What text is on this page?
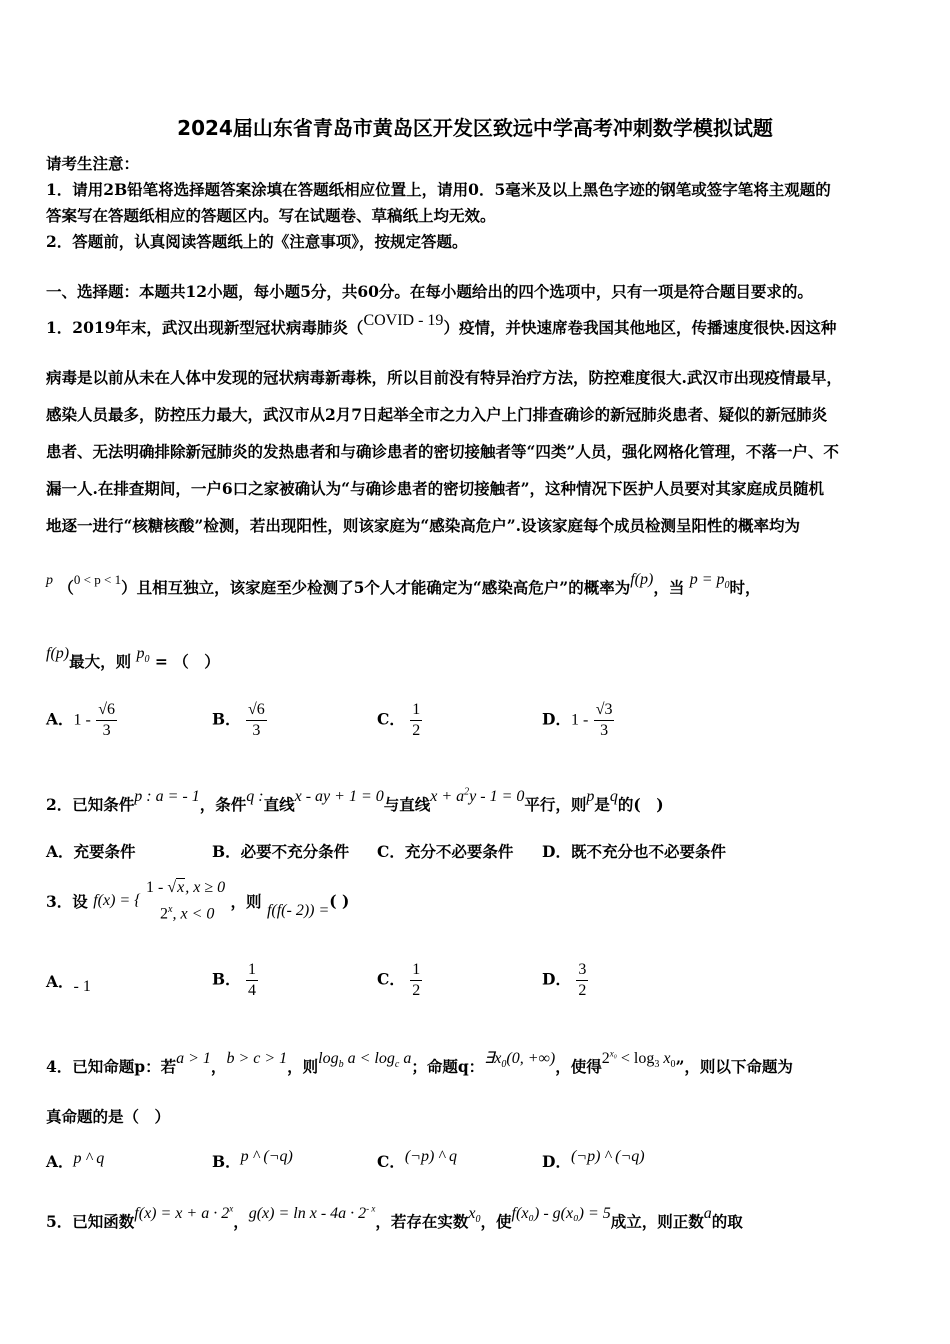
2024届山东省青岛市黄岛区开发区致远中学高考冲刺数学模拟试题
请考生注意：
1．请用2B铅笔将选择题答案涂填在答题纸相应位置上，请用0．5毫米及以上黑色字迹的钢笔或签字笔将主观题的
答案写在答题纸相应的答题区内。写在试题卷、草稿纸上均无效。
2．答题前，认真阅读答题纸上的《注意事项》，按规定答题。
一、选择题：本题共12小题，每小题5分，共60分。在每小题给出的四个选项中，只有一项是符合题目要求的。
1．2019年末，武汉出现新型冠状病毒肺炎（COVID - 19）疫情，并快速席卷我国其他地区，传播速度很快.因这种
病毒是以前从未在人体中发现的冠状病毒新毒株，所以目前没有特异治疗方法，防控难度很大.武汉市出现疫情最早，
感染人员最多，防控压力最大，武汉市从2月7日起举全市之力入户上门排查确诊的新冠肺炎患者、疑似的新冠肺炎
患者、无法明确排除新冠肺炎的发热患者和与确诊患者的密切接触者等“四类”人员，强化网格化管理，不落一户、不
漏一人.在排查期间，一户6口之家被确认为“与确诊患者的密切接触者”，这种情况下医护人员要对其家庭成员随机
地逐一进行“核糖核酸”检测，若出现阳性，则该家庭为“感染高危户”.设该家庭每个成员检测呈阳性的概率均为
p （$^{0 < p < 1}$）且相互独立，该家庭至少检测了5个人才能确定为“感染高危户”的概率为f(p)，当 $p = p_0$时，
f(p)最大，则 $p_0$ = （　）
A．$1 - \frac{√6}{3}$	B． $\frac{√6}{3}$	C． $\frac{1}{2}$	D．$1 - \frac{√3}{3}$
2．已知条件p : a = - 1，条件q :直线x - ay + 1 = 0与直线$x + a^2y - 1 = 0$平行，则p是q的(　)
A．充要条件	B．必要不充分条件 C．充分不必要条件 D．既不充分也不必要条件
3．设 f(x) = {
1 - √x, x ≥ 0
2$^x$, x < 0
，则 f(f(- 2)) =( )
A．- 1	B． $\frac{1}{4}$	C． $\frac{1}{2}$	D． $\frac{3}{2}$
4．已知命题p：若a > 1，b > c > 1，则$\log_b a < \log_c a$；命题q：$\exists x_0(0$, +∞)，使得$2^{x_0} < \log_3 x_0$”，则以下命题为
真命题的是（　）
A．p ^ q	B．p ^ (¬q)	C．(¬p) ^ q	D．(¬p) ^ (¬q)
5．已知函数$f(x) = x + a \cdot 2^x$，$g(x) = \ln x - 4a \cdot 2^{- x}$，若存在实数$x_0$，使f(x₀) - g(x₀) = 5成立，则正数a的取
